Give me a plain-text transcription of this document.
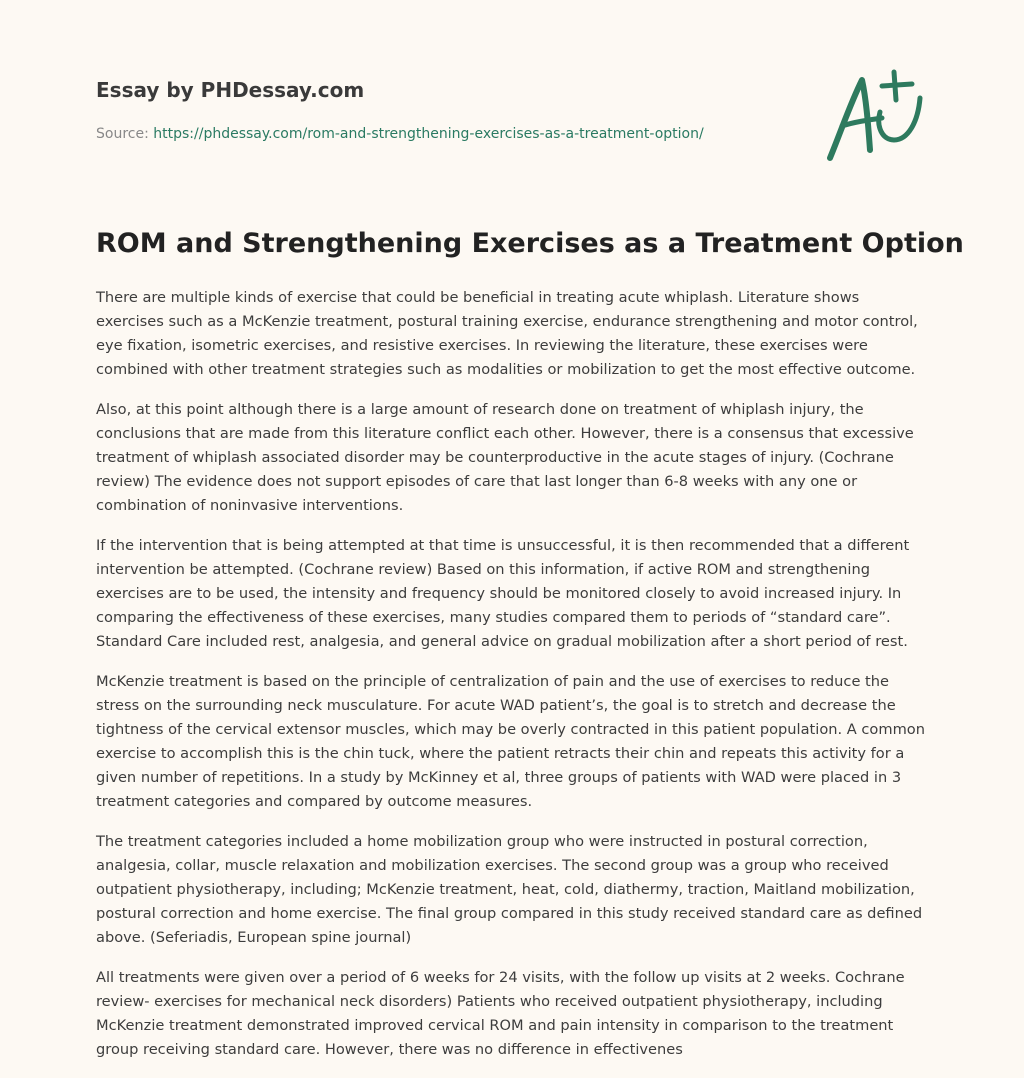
Essay by PHDessay.com
Source: https://phdessay.com/rom-and-strengthening-exercises-as-a-treatment-option/
ROM and Strengthening Exercises as a Treatment Option

There are multiple kinds of exercise that could be beneficial in treating acute whiplash. Literature shows exercises such as a McKenzie treatment, postural training exercise, endurance strengthening and motor control, eye fixation, isometric exercises, and resistive exercises. In reviewing the literature, these exercises were combined with other treatment strategies such as modalities or mobilization to get the most effective outcome.

Also, at this point although there is a large amount of research done on treatment of whiplash injury, the conclusions that are made from this literature conflict each other. However, there is a consensus that excessive treatment of whiplash associated disorder may be counterproductive in the acute stages of injury. (Cochrane review) The evidence does not support episodes of care that last longer than 6-8 weeks with any one or combination of noninvasive interventions.

If the intervention that is being attempted at that time is unsuccessful, it is then recommended that a different intervention be attempted. (Cochrane review) Based on this information, if active ROM and strengthening exercises are to be used, the intensity and frequency should be monitored closely to avoid increased injury. In comparing the effectiveness of these exercises, many studies compared them to periods of “standard care”. Standard Care included rest, analgesia, and general advice on gradual mobilization after a short period of rest.

McKenzie treatment is based on the principle of centralization of pain and the use of exercises to reduce the stress on the surrounding neck musculature. For acute WAD patient’s, the goal is to stretch and decrease the tightness of the cervical extensor muscles, which may be overly contracted in this patient population. A common exercise to accomplish this is the chin tuck, where the patient retracts their chin and repeats this activity for a given number of repetitions. In a study by McKinney et al, three groups of patients with WAD were placed in 3 treatment categories and compared by outcome measures.

The treatment categories included a home mobilization group who were instructed in postural correction, analgesia, collar, muscle relaxation and mobilization exercises. The second group was a group who received outpatient physiotherapy, including; McKenzie treatment, heat, cold, diathermy, traction, Maitland mobilization, postural correction and home exercise. The final group compared in this study received standard care as defined above. (Seferiadis, European spine journal)

All treatments were given over a period of 6 weeks for 24 visits, with the follow up visits at 2 weeks. Cochrane review- exercises for mechanical neck disorders) Patients who received outpatient physiotherapy, including McKenzie treatment demonstrated improved cervical ROM and pain intensity in comparison to the treatment group receiving standard care. However, there was no difference in effectivenes
